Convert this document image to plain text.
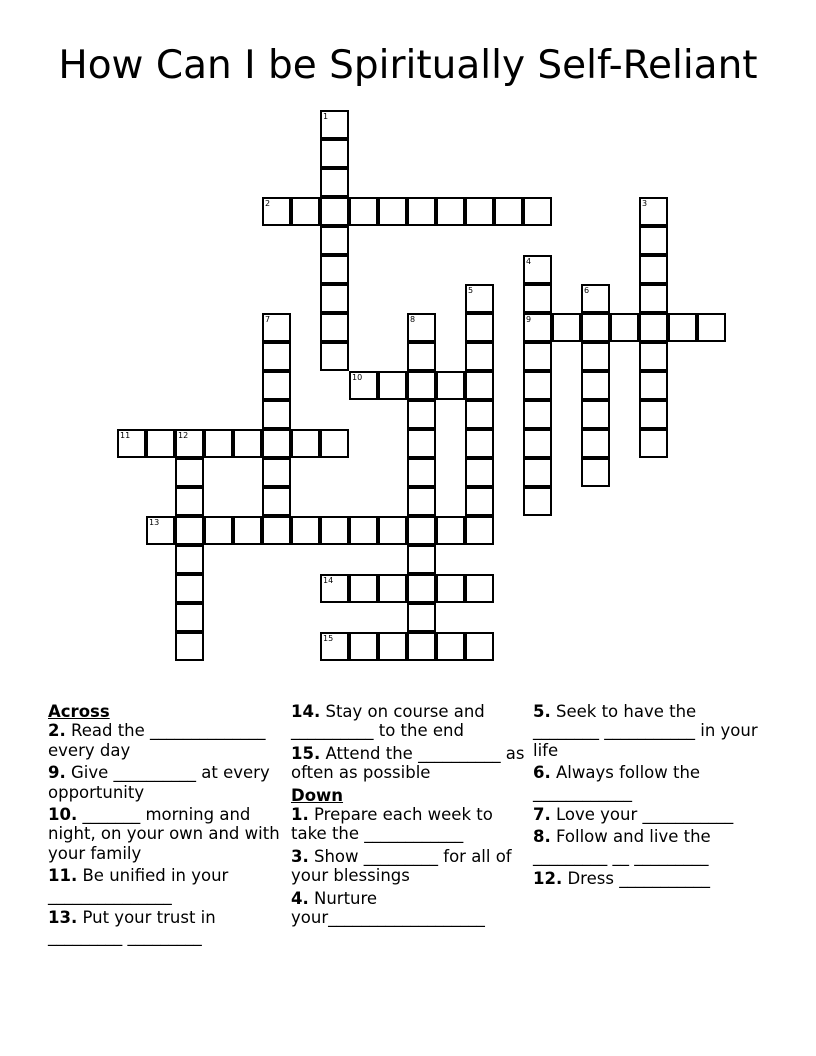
How Can I be Spiritually Self-Reliant
1
2	3
4
9
5	6
7	8
10
11	12
13
14
15
Across
2. Read the ______________ every day
9. Give __________ at every opportunity
10. _______ morning and night, on your own and with your family
11. Be unified in your _______________
13. Put your trust in _________ _________
14. Stay on course and __________ to the end
15. Attend the __________ as often as possible
Down
1. Prepare each week to take the ____________
3. Show _________ for all of your blessings
4. Nurture your___________________
5. Seek to have the ________ ___________ in your life
6. Always follow the ____________
7. Love your ___________
8. Follow and live the _________ __ _________
12. Dress ___________
